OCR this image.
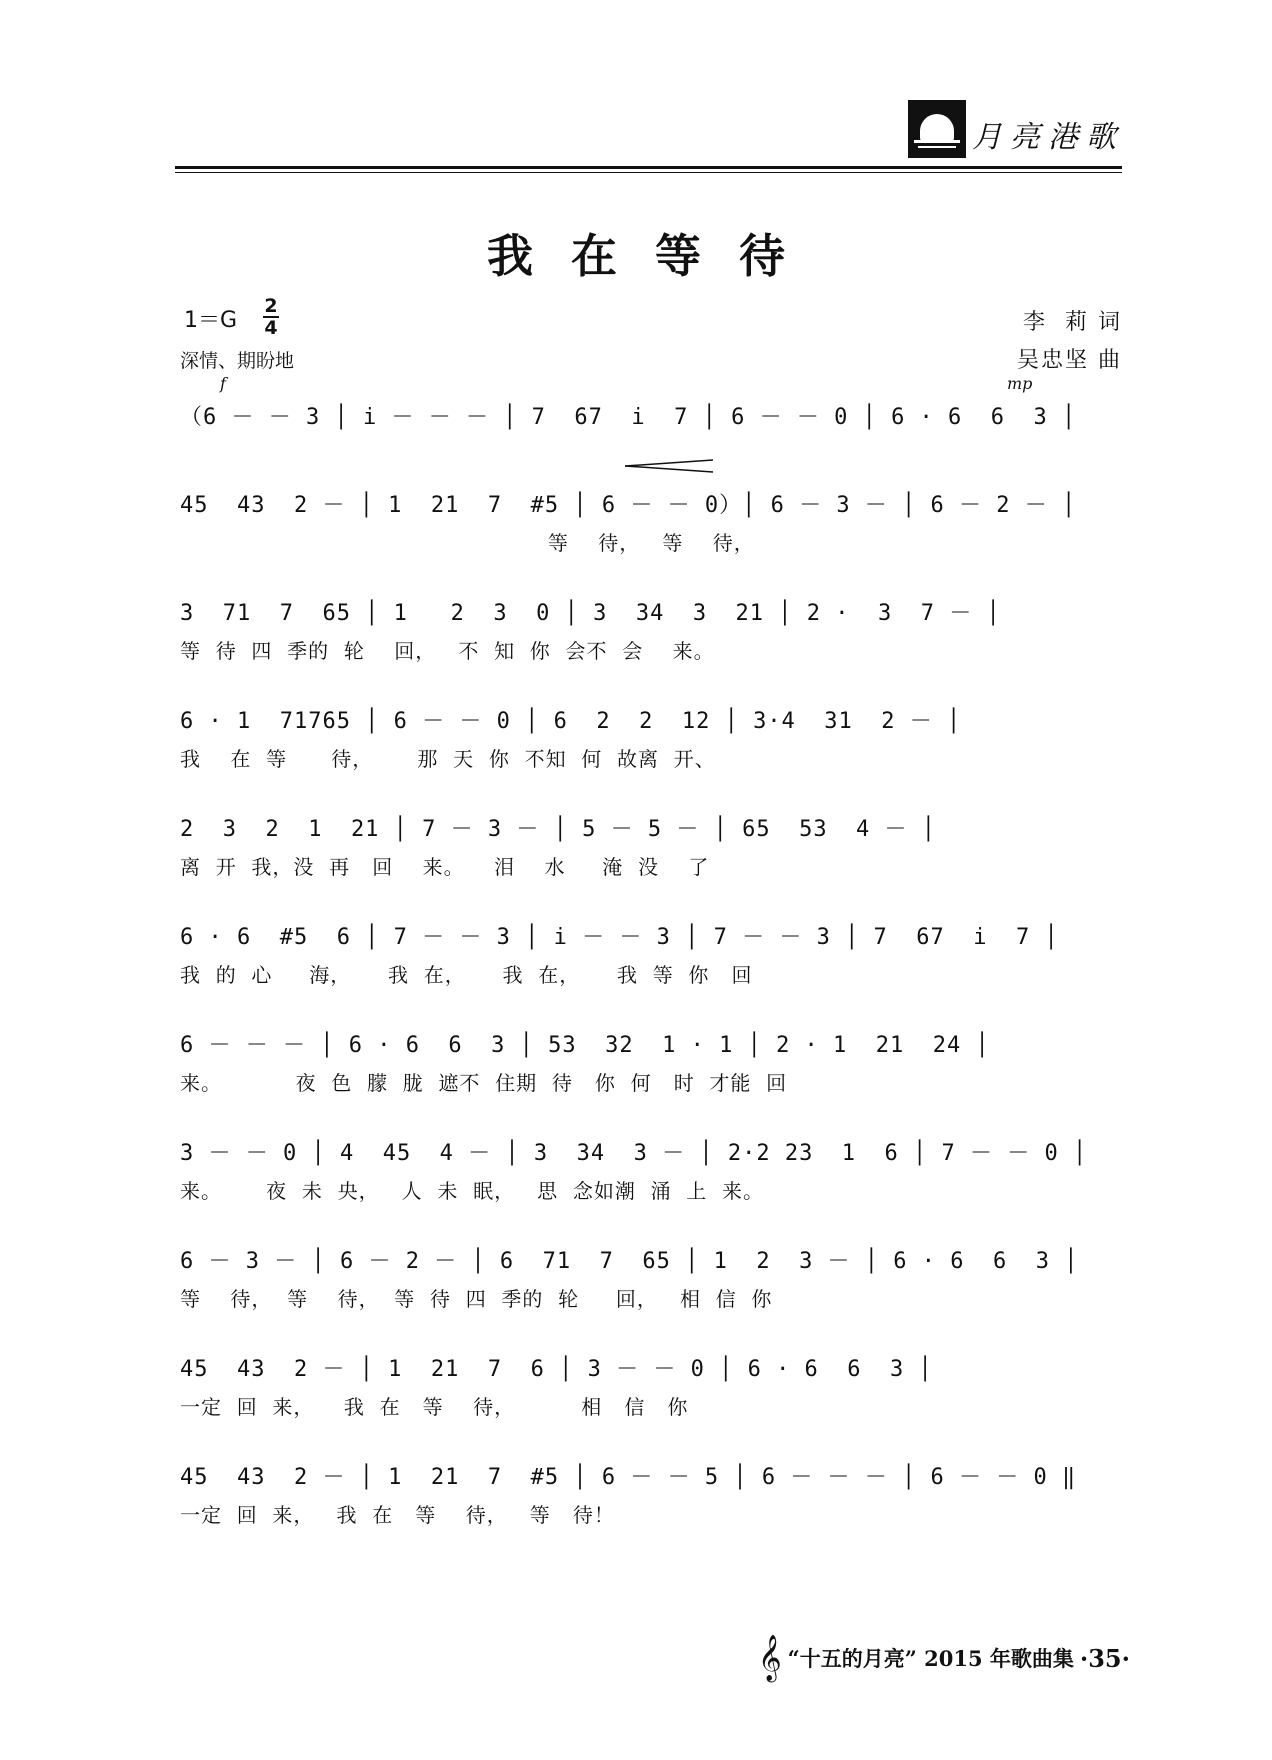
月亮港歌
我在等待
1＝G
2
4
深情、期盼地
李  莉 词
吴忠坚 曲
f	mp
（6 － － 3 │ i － － － │ 7  67  i  7 │ 6 － － 0 │ 6 · 6  6  3 │
45  43  2 － │ 1  21  7  #5 │ 6 － － 0）│ 6 － 3 － │ 6 － 2 － │
等    待，   等    待，
3  71  7  65 │ 1   2  3  0 │ 3  34  3  21 │ 2 ·  3  7 － │
等  待  四  季的  轮    回，   不  知  你  会不  会    来。
6 · 1  71765 │ 6 － － 0 │ 6  2  2  12 │ 3·4  31  2 － │
我    在  等      待，      那  天  你  不知  何  故离  开、
2  3  2  1  21 │ 7 － 3 － │ 5 － 5 － │ 65  53  4 － │
离  开  我，没  再   回    来。    泪    水     淹  没    了
6 · 6  #5  6 │ 7 － － 3 │ i － － 3 │ 7 － － 3 │ 7  67  i  7 │
我  的  心     海，     我  在，     我  在，     我  等  你   回
6 － － － │ 6 · 6  6  3 │ 53  32  1 · 1 │ 2 · 1  21  24 │
来。          夜  色  朦  胧  遮不  住期  待   你  何   时  才能  回
3 － － 0 │ 4  45  4 － │ 3  34  3 － │ 2·2 23  1  6 │ 7 － － 0 │
来。      夜  未  央，   人  未  眠，   思  念如潮  涌  上  来。
6 － 3 － │ 6 － 2 － │ 6  71  7  65 │ 1  2  3 － │ 6 · 6  6  3 │
等    待，  等    待，  等  待  四  季的  轮     回，   相  信  你
45  43  2 － │ 1  21  7  6 │ 3 － － 0 │ 6 · 6  6  3 │
一定  回  来，    我  在   等    待，         相   信   你
45  43  2 － │ 1  21  7  #5 │ 6 － － 5 │ 6 － － － │ 6 － － 0 ‖
一定  回  来，   我  在   等    待，   等   待！
𝄞 “十五的月亮” 2015 年歌曲集 ·35·
